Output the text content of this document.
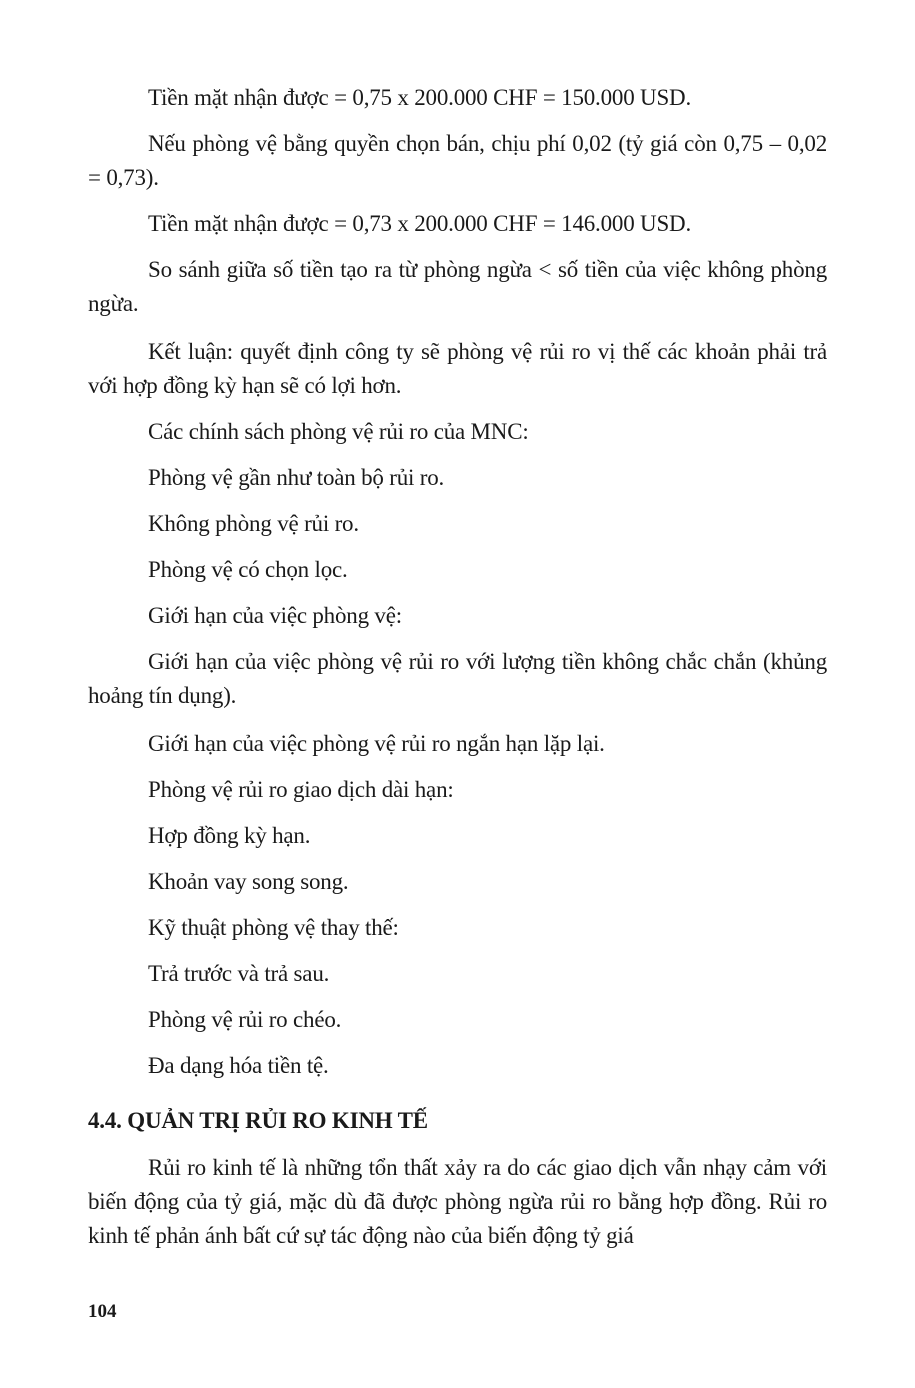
Tiền mặt nhận được = 0,75 x 200.000 CHF = 150.000 USD.

Nếu phòng vệ bằng quyền chọn bán, chịu phí 0,02 (tỷ giá còn 0,75 – 0,02 = 0,73).

Tiền mặt nhận được = 0,73 x 200.000 CHF = 146.000 USD.

So sánh giữa số tiền tạo ra từ phòng ngừa < số tiền của việc không phòng ngừa.

Kết luận: quyết định công ty sẽ phòng vệ rủi ro vị thế các khoản phải trả với hợp đồng kỳ hạn sẽ có lợi hơn.

Các chính sách phòng vệ rủi ro của MNC:

Phòng vệ gần như toàn bộ rủi ro.

Không phòng vệ rủi ro.

Phòng vệ có chọn lọc.

Giới hạn của việc phòng vệ:

Giới hạn của việc phòng vệ rủi ro với lượng tiền không chắc chắn (khủng hoảng tín dụng).

Giới hạn của việc phòng vệ rủi ro ngắn hạn lặp lại.

Phòng vệ rủi ro giao dịch dài hạn:

Hợp đồng kỳ hạn.

Khoản vay song song.

Kỹ thuật phòng vệ thay thế:

Trả trước và trả sau.

Phòng vệ rủi ro chéo.

Đa dạng hóa tiền tệ.

4.4. QUẢN TRỊ RỦI RO KINH TẾ

Rủi ro kinh tế là những tổn thất xảy ra do các giao dịch vẫn nhạy cảm với biến động của tỷ giá, mặc dù đã được phòng ngừa rủi ro bằng hợp đồng. Rủi ro kinh tế phản ánh bất cứ sự tác động nào của biến động tỷ giá

104
